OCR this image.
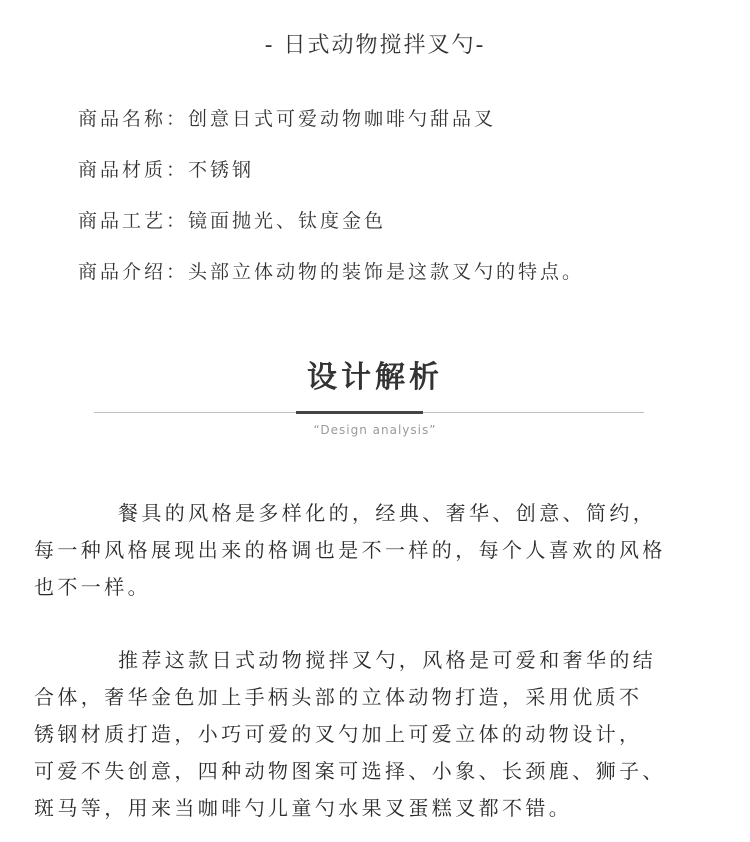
- 日式动物搅拌叉勺-
商品名称： 创意日式可爱动物咖啡勺甜品叉
商品材质： 不锈钢
商品工艺： 镜面抛光、钛度金色
商品介绍： 头部立体动物的装饰是这款叉勺的特点。
设计解析
“Design analysis”

餐具的风格是多样化的，经典、奢华、创意、简约，

每一种风格展现出来的格调也是不一样的，每个人喜欢的风格

也不一样。

推荐这款日式动物搅拌叉勺，风格是可爱和奢华的结

合体，奢华金色加上手柄头部的立体动物打造，采用优质不

锈钢材质打造，小巧可爱的叉勺加上可爱立体的动物设计，

可爱不失创意，四种动物图案可选择、小象、长颈鹿、狮子、

斑马等，用来当咖啡勺儿童勺水果叉蛋糕叉都不错。
